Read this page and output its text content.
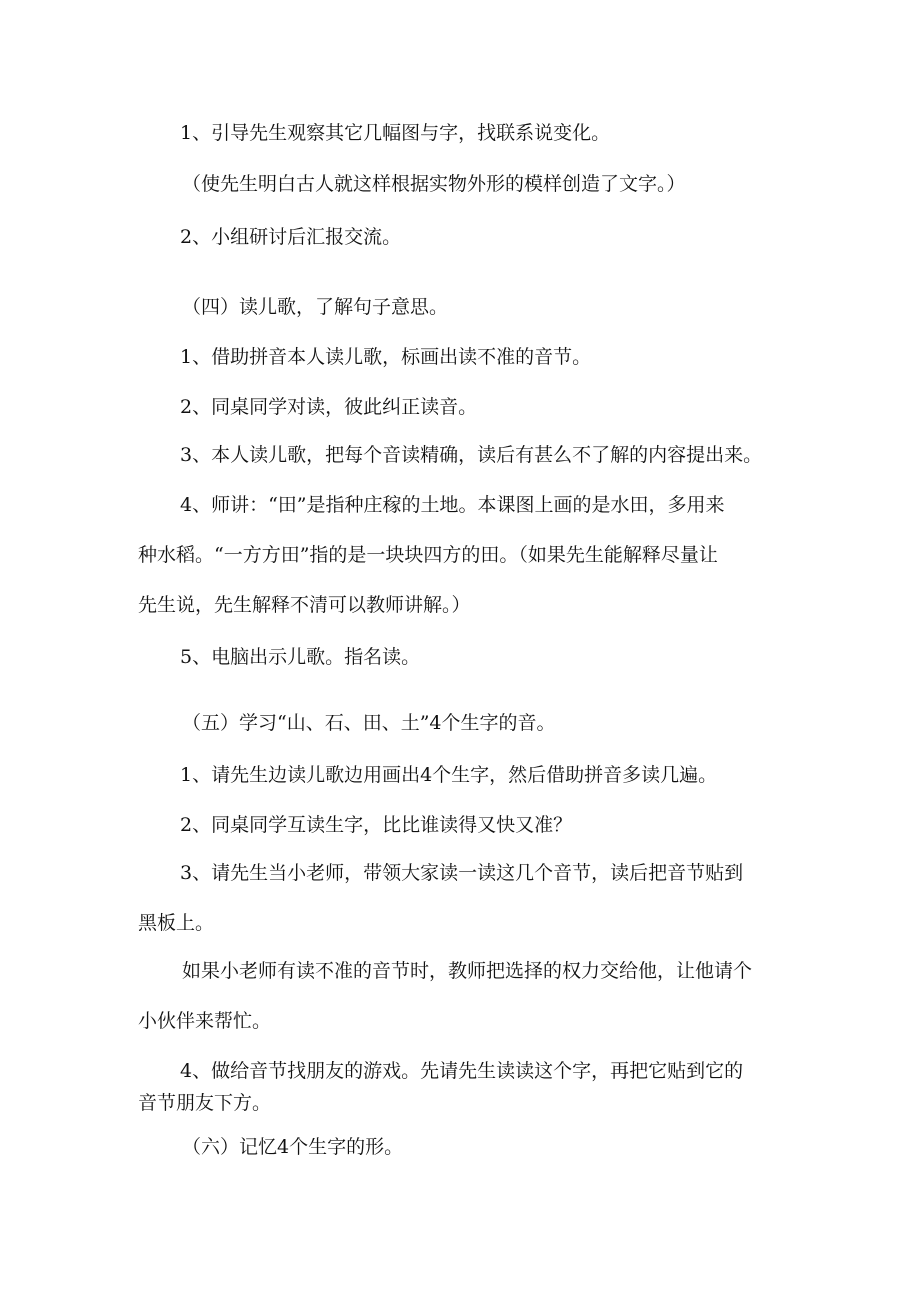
1、引导先生观察其它几幅图与字，找联系说变化。

（使先生明白古人就这样根据实物外形的模样创造了文字。）

2、小组研讨后汇报交流。

（四）读儿歌，了解句子意思。

1、借助拼音本人读儿歌，标画出读不准的音节。

2、同桌同学对读，彼此纠正读音。

3、本人读儿歌，把每个音读精确，读后有甚么不了解的内容提出来。

4、师讲：“田”是指种庄稼的土地。本课图上画的是水田，多用来

种水稻。“一方方田”指的是一块块四方的田。（如果先生能解释尽量让

先生说，先生解释不清可以教师讲解。）

5、电脑出示儿歌。指名读。

（五）学习“山、石、田、土”4个生字的音。

1、请先生边读儿歌边用画出4个生字，然后借助拼音多读几遍。

2、同桌同学互读生字，比比谁读得又快又准？

3、请先生当小老师，带领大家读一读这几个音节，读后把音节贴到

黑板上。

如果小老师有读不准的音节时，教师把选择的权力交给他，让他请个

小伙伴来帮忙。

4、做给音节找朋友的游戏。先请先生读读这个字，再把它贴到它的

音节朋友下方。

（六）记忆4个生字的形。
